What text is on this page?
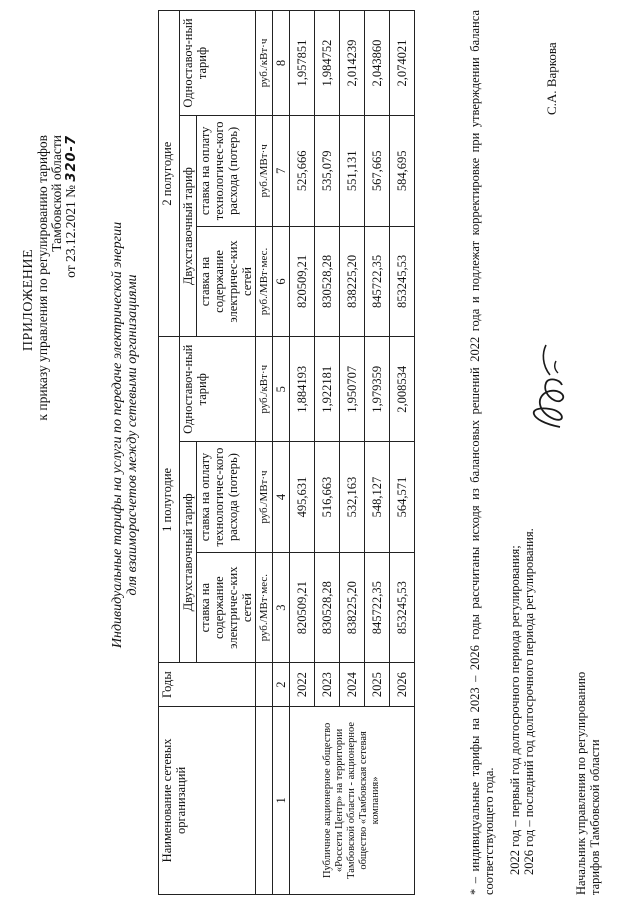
ПРИЛОЖЕНИЕ к приказу управления по регулированию тарифов Тамбовской области от 23.12.2021 № 320-7
Индивидуальные тарифы на услуги по передаче электрической энергии для взаиморасчетов между сетевыми организациями
Наименование сетевых организаций	Годы	1 полугодие			2 полугодие		
		Двухставочный тариф		Одноставоч-ный тариф	Двухставочный тариф		Одноставоч-ный тариф
		ставка на содержание электричес-ких сетей	ставка на оплату технологичес-кого расхода (потерь)		ставка на содержание электричес-ких сетей	ставка на оплату технологичес-кого расхода (потерь)	
		руб./МВт·мес.	руб./МВт·ч	руб./кВт·ч	руб./МВт·мес.	руб./МВт·ч	руб./кВт·ч
1	2	3	4	5	6	7	8
Публичное акционерное общество «Россети Центр» на территории Тамбовской области - акционерное общество «Тамбовская сетевая компания»	2022	820509,21	495,631	1,884193	820509,21	525,666	1,957851
	2023	830528,28	516,663	1,922181	830528,28	535,079	1,984752
	2024	838225,20	532,163	1,950707	838225,20	551,131	2,014239
	2025	845722,35	548,127	1,979359	845722,35	567,665	2,043860
	2026	853245,53	564,571	2,008534	853245,53	584,695	2,074021	* – индивидуальные тарифы на 2023 – 2026 годы рассчитаны исходя из балансовых решений 2022 года и подлежат корректировке при утверждении баланса соответствующего года. 2022 год – первый год долгосрочного периода регулирования; 2026 год – последний год долгосрочного периода регулирования.	Начальник управления по регулированию тарифов Тамбовской области

С.А. Варкова
